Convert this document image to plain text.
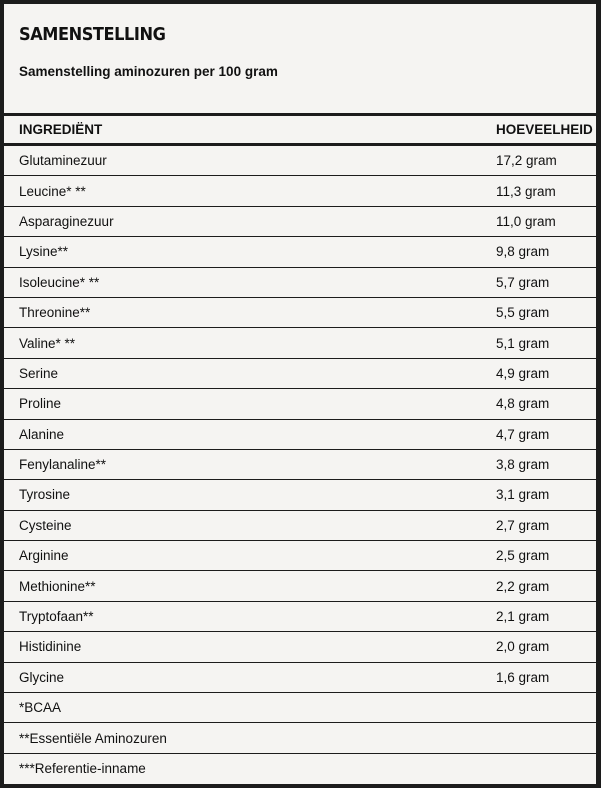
SAMENSTELLING
Samenstelling aminozuren per 100 gram
INGREDIËNT	HOEVEELHEID
Glutaminezuur	17,2 gram
Leucine* **	11,3 gram
Asparaginezuur	11,0 gram
Lysine**	9,8 gram
Isoleucine* **	5,7 gram
Threonine**	5,5 gram
Valine* **	5,1 gram
Serine	4,9 gram
Proline	4,8 gram
Alanine	4,7 gram
Fenylanaline**	3,8 gram
Tyrosine	3,1 gram
Cysteine	2,7 gram
Arginine	2,5 gram
Methionine**	2,2 gram
Tryptofaan**	2,1 gram
Histidinine	2,0 gram
Glycine	1,6 gram
*BCAA	
**Essentiële Aminozuren	
***Referentie-inname	
